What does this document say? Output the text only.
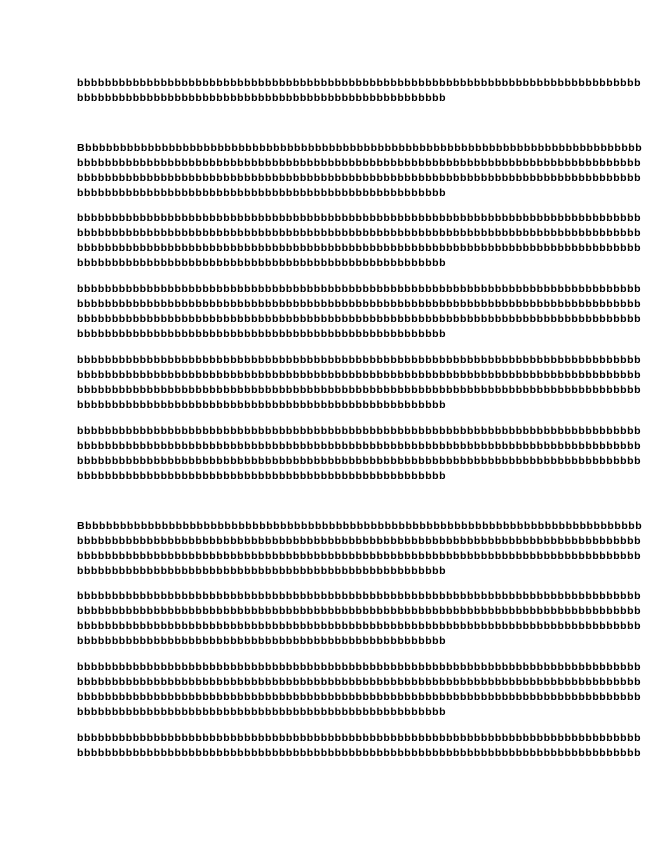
bbbbbbbbbbbbbbbbbbbbbbbbbbbbbbbbbbbbbbbbbbbbbbbbbbbbbbbbbbbbbbbbbbbbbbbbbbbbbbbbb
bbbbbbbbbbbbbbbbbbbbbbbbbbbbbbbbbbbbbbbbbbbbbbbbbbbbb

Bbbbbbbbbbbbbbbbbbbbbbbbbbbbbbbbbbbbbbbbbbbbbbbbbbbbbbbbbbbbbbbbbbbbbbbbbbbbbbbbb
bbbbbbbbbbbbbbbbbbbbbbbbbbbbbbbbbbbbbbbbbbbbbbbbbbbbbbbbbbbbbbbbbbbbbbbbbbbbbbbbb
bbbbbbbbbbbbbbbbbbbbbbbbbbbbbbbbbbbbbbbbbbbbbbbbbbbbbbbbbbbbbbbbbbbbbbbbbbbbbbbbb
bbbbbbbbbbbbbbbbbbbbbbbbbbbbbbbbbbbbbbbbbbbbbbbbbbbbb

bbbbbbbbbbbbbbbbbbbbbbbbbbbbbbbbbbbbbbbbbbbbbbbbbbbbbbbbbbbbbbbbbbbbbbbbbbbbbbbbb
bbbbbbbbbbbbbbbbbbbbbbbbbbbbbbbbbbbbbbbbbbbbbbbbbbbbbbbbbbbbbbbbbbbbbbbbbbbbbbbbb
bbbbbbbbbbbbbbbbbbbbbbbbbbbbbbbbbbbbbbbbbbbbbbbbbbbbbbbbbbbbbbbbbbbbbbbbbbbbbbbbb
bbbbbbbbbbbbbbbbbbbbbbbbbbbbbbbbbbbbbbbbbbbbbbbbbbbbb

bbbbbbbbbbbbbbbbbbbbbbbbbbbbbbbbbbbbbbbbbbbbbbbbbbbbbbbbbbbbbbbbbbbbbbbbbbbbbbbbb
bbbbbbbbbbbbbbbbbbbbbbbbbbbbbbbbbbbbbbbbbbbbbbbbbbbbbbbbbbbbbbbbbbbbbbbbbbbbbbbbb
bbbbbbbbbbbbbbbbbbbbbbbbbbbbbbbbbbbbbbbbbbbbbbbbbbbbbbbbbbbbbbbbbbbbbbbbbbbbbbbbb
bbbbbbbbbbbbbbbbbbbbbbbbbbbbbbbbbbbbbbbbbbbbbbbbbbbbb

bbbbbbbbbbbbbbbbbbbbbbbbbbbbbbbbbbbbbbbbbbbbbbbbbbbbbbbbbbbbbbbbbbbbbbbbbbbbbbbbb
bbbbbbbbbbbbbbbbbbbbbbbbbbbbbbbbbbbbbbbbbbbbbbbbbbbbbbbbbbbbbbbbbbbbbbbbbbbbbbbbb
bbbbbbbbbbbbbbbbbbbbbbbbbbbbbbbbbbbbbbbbbbbbbbbbbbbbbbbbbbbbbbbbbbbbbbbbbbbbbbbbb
bbbbbbbbbbbbbbbbbbbbbbbbbbbbbbbbbbbbbbbbbbbbbbbbbbbbb

bbbbbbbbbbbbbbbbbbbbbbbbbbbbbbbbbbbbbbbbbbbbbbbbbbbbbbbbbbbbbbbbbbbbbbbbbbbbbbbbb
bbbbbbbbbbbbbbbbbbbbbbbbbbbbbbbbbbbbbbbbbbbbbbbbbbbbbbbbbbbbbbbbbbbbbbbbbbbbbbbbb
bbbbbbbbbbbbbbbbbbbbbbbbbbbbbbbbbbbbbbbbbbbbbbbbbbbbbbbbbbbbbbbbbbbbbbbbbbbbbbbbb
bbbbbbbbbbbbbbbbbbbbbbbbbbbbbbbbbbbbbbbbbbbbbbbbbbbbb

Bbbbbbbbbbbbbbbbbbbbbbbbbbbbbbbbbbbbbbbbbbbbbbbbbbbbbbbbbbbbbbbbbbbbbbbbbbbbbbbbb
bbbbbbbbbbbbbbbbbbbbbbbbbbbbbbbbbbbbbbbbbbbbbbbbbbbbbbbbbbbbbbbbbbbbbbbbbbbbbbbbb
bbbbbbbbbbbbbbbbbbbbbbbbbbbbbbbbbbbbbbbbbbbbbbbbbbbbbbbbbbbbbbbbbbbbbbbbbbbbbbbbb
bbbbbbbbbbbbbbbbbbbbbbbbbbbbbbbbbbbbbbbbbbbbbbbbbbbbb

bbbbbbbbbbbbbbbbbbbbbbbbbbbbbbbbbbbbbbbbbbbbbbbbbbbbbbbbbbbbbbbbbbbbbbbbbbbbbbbbb
bbbbbbbbbbbbbbbbbbbbbbbbbbbbbbbbbbbbbbbbbbbbbbbbbbbbbbbbbbbbbbbbbbbbbbbbbbbbbbbbb
bbbbbbbbbbbbbbbbbbbbbbbbbbbbbbbbbbbbbbbbbbbbbbbbbbbbbbbbbbbbbbbbbbbbbbbbbbbbbbbbb
bbbbbbbbbbbbbbbbbbbbbbbbbbbbbbbbbbbbbbbbbbbbbbbbbbbbb

bbbbbbbbbbbbbbbbbbbbbbbbbbbbbbbbbbbbbbbbbbbbbbbbbbbbbbbbbbbbbbbbbbbbbbbbbbbbbbbbb
bbbbbbbbbbbbbbbbbbbbbbbbbbbbbbbbbbbbbbbbbbbbbbbbbbbbbbbbbbbbbbbbbbbbbbbbbbbbbbbbb
bbbbbbbbbbbbbbbbbbbbbbbbbbbbbbbbbbbbbbbbbbbbbbbbbbbbbbbbbbbbbbbbbbbbbbbbbbbbbbbbb
bbbbbbbbbbbbbbbbbbbbbbbbbbbbbbbbbbbbbbbbbbbbbbbbbbbbb

bbbbbbbbbbbbbbbbbbbbbbbbbbbbbbbbbbbbbbbbbbbbbbbbbbbbbbbbbbbbbbbbbbbbbbbbbbbbbbbbb
bbbbbbbbbbbbbbbbbbbbbbbbbbbbbbbbbbbbbbbbbbbbbbbbbbbbbbbbbbbbbbbbbbbbbbbbbbbbbbbbb
